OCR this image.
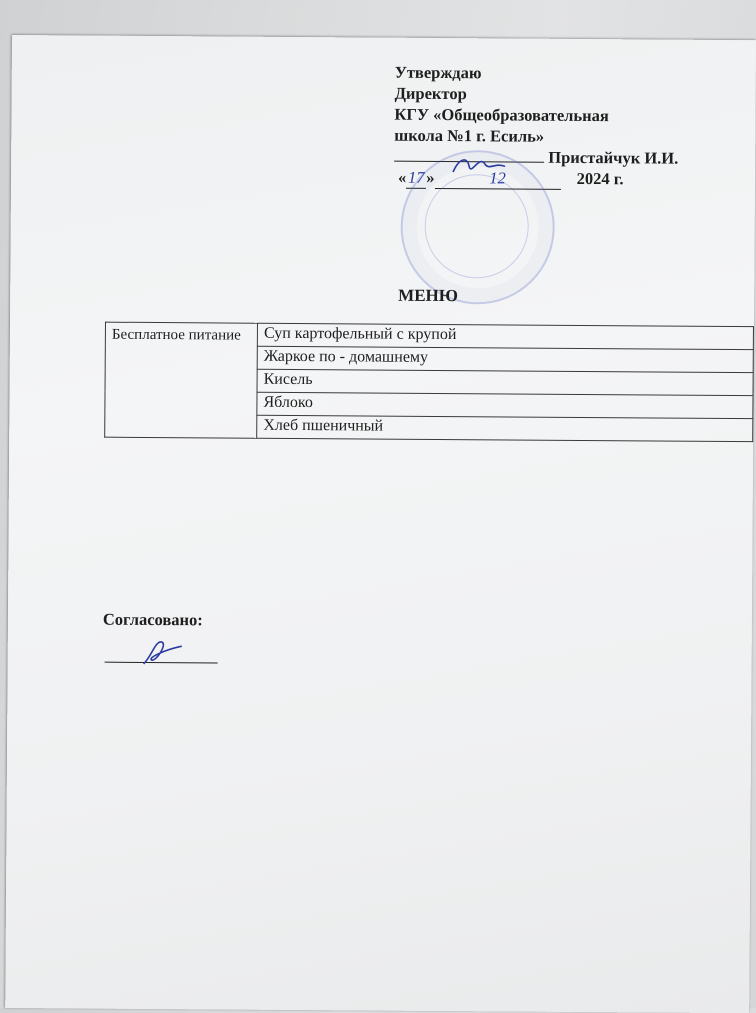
Утверждаю
Директор
КГУ «Общеобразовательная
школа №1 г. Есиль»
Пристайчук И.И.
«17»	12	2024 г.
МЕНЮ
Бесплатное питание	Суп картофельный с крупой
Жаркое по - домашнему
Кисель
Яблоко
Хлеб пшеничный
Согласовано:
